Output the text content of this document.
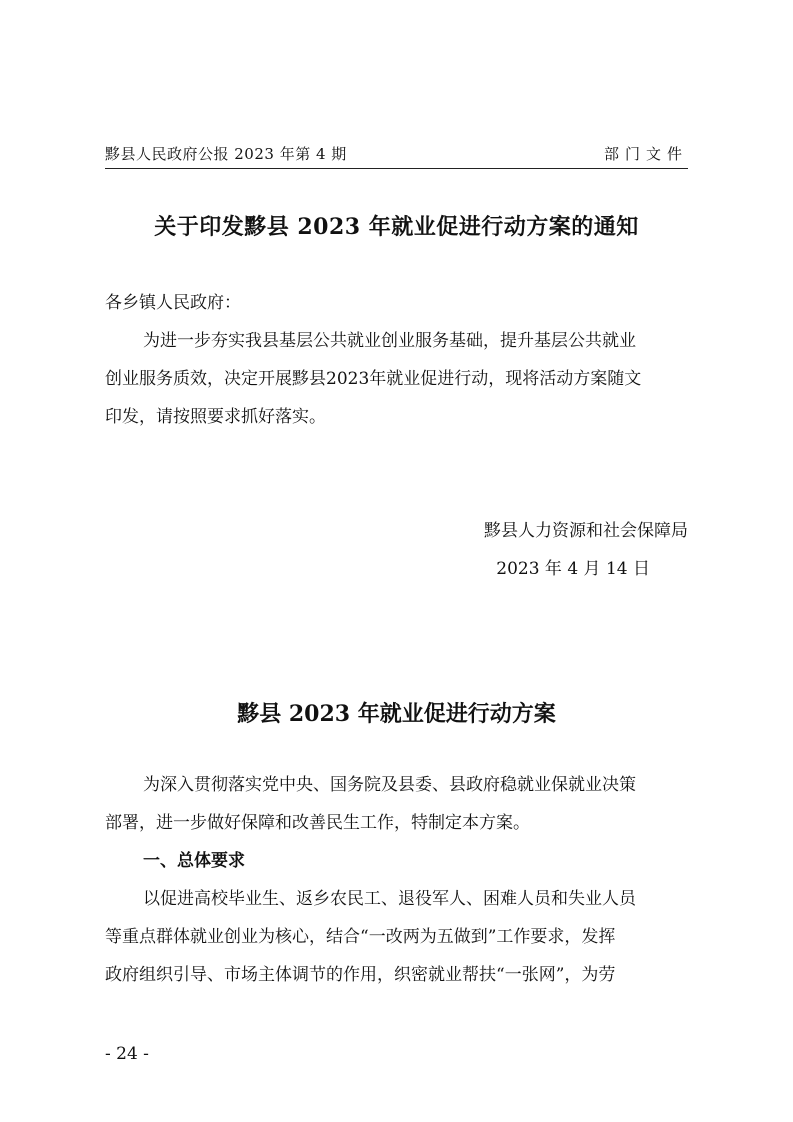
黟县人民政府公报 2023 年第 4 期	部门文件
关于印发黟县 2023 年就业促进行动方案的通知

各乡镇人民政府：

为进一步夯实我县基层公共就业创业服务基础，提升基层公共就业
创业服务质效，决定开展黟县2023年就业促进行动，现将活动方案随文
印发，请按照要求抓好落实。

黟县人力资源和社会保障局
2023 年 4 月 14 日
黟县 2023 年就业促进行动方案

为深入贯彻落实党中央、国务院及县委、县政府稳就业保就业决策
部署，进一步做好保障和改善民生工作，特制定本方案。

一、总体要求

以促进高校毕业生、返乡农民工、退役军人、困难人员和失业人员
等重点群体就业创业为核心，结合“一改两为五做到”工作要求，发挥
政府组织引导、市场主体调节的作用，织密就业帮扶“一张网”，为劳

- 24 -
